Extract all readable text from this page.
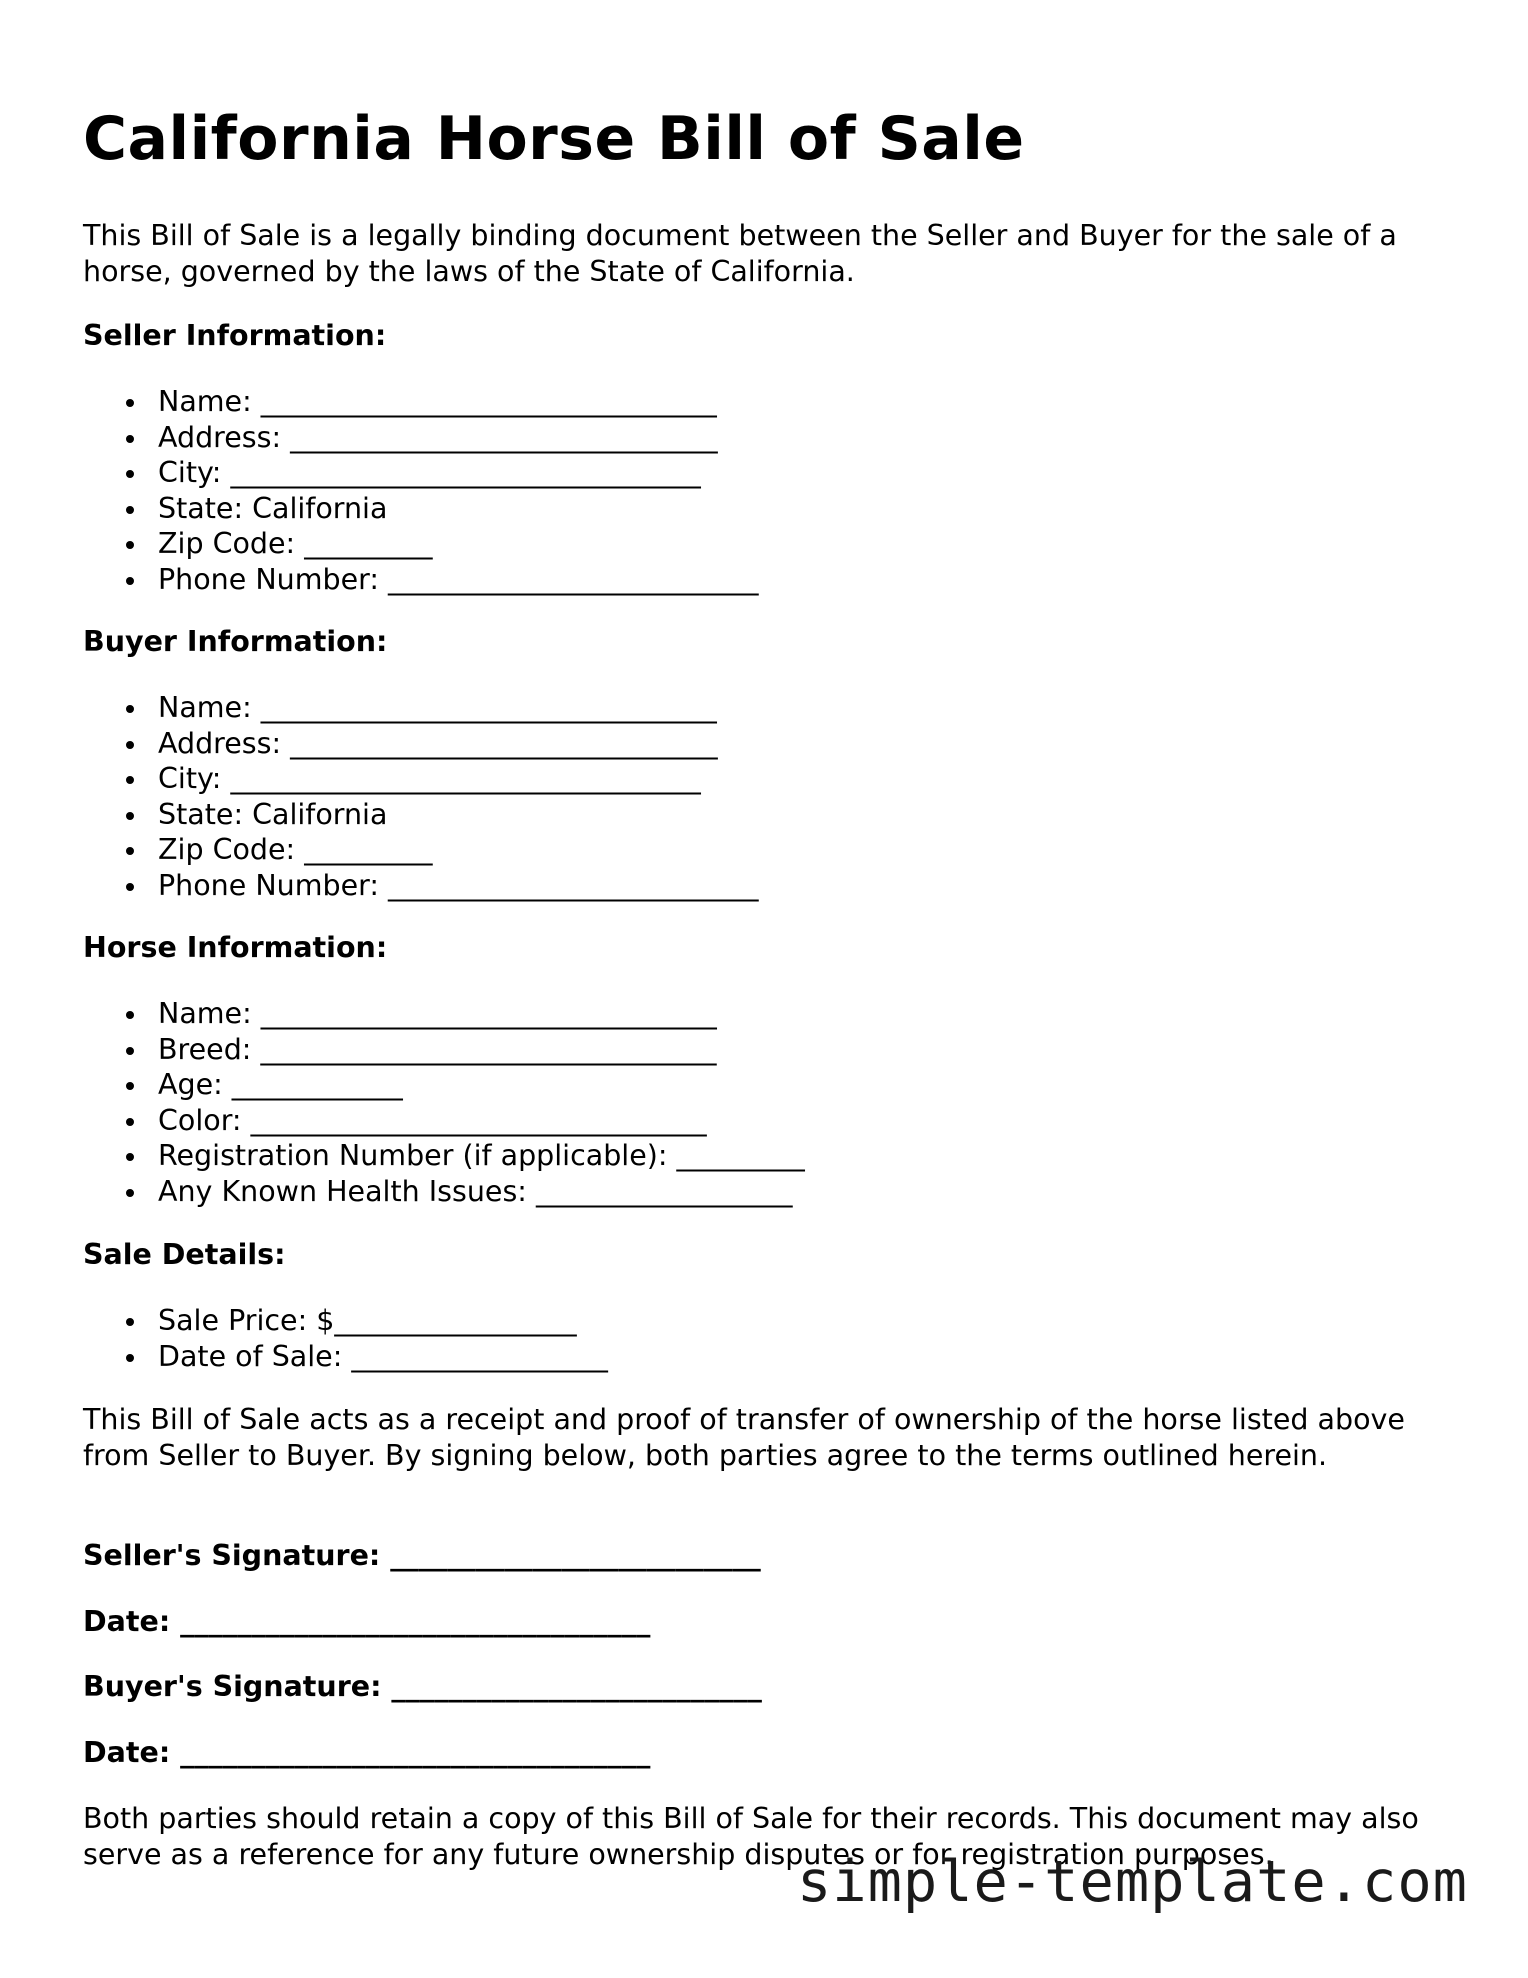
California Horse Bill of Sale

This Bill of Sale is a legally binding document between the Seller and Buyer for the sale of a horse, governed by the laws of the State of California.

Seller Information:
Name: ________________________________
Address: ______________________________
City: _________________________________
State: California
Zip Code: _________
Phone Number: __________________________
Buyer Information:
Name: ________________________________
Address: ______________________________
City: _________________________________
State: California
Zip Code: _________
Phone Number: __________________________
Horse Information:
Name: ________________________________
Breed: ________________________________
Age: ____________
Color: ________________________________
Registration Number (if applicable): _________
Any Known Health Issues: __________________
Sale Details:
Sale Price: $_________________
Date of Sale: __________________

This Bill of Sale acts as a receipt and proof of transfer of ownership of the horse listed above from Seller to Buyer. By signing below, both parties agree to the terms outlined herein.

Seller's Signature: __________________________
Date: _________________________________
Buyer's Signature: __________________________
Date: _________________________________

Both parties should retain a copy of this Bill of Sale for their records. This document may also serve as a reference for any future ownership disputes or for registration purposes.

simple-template.com
